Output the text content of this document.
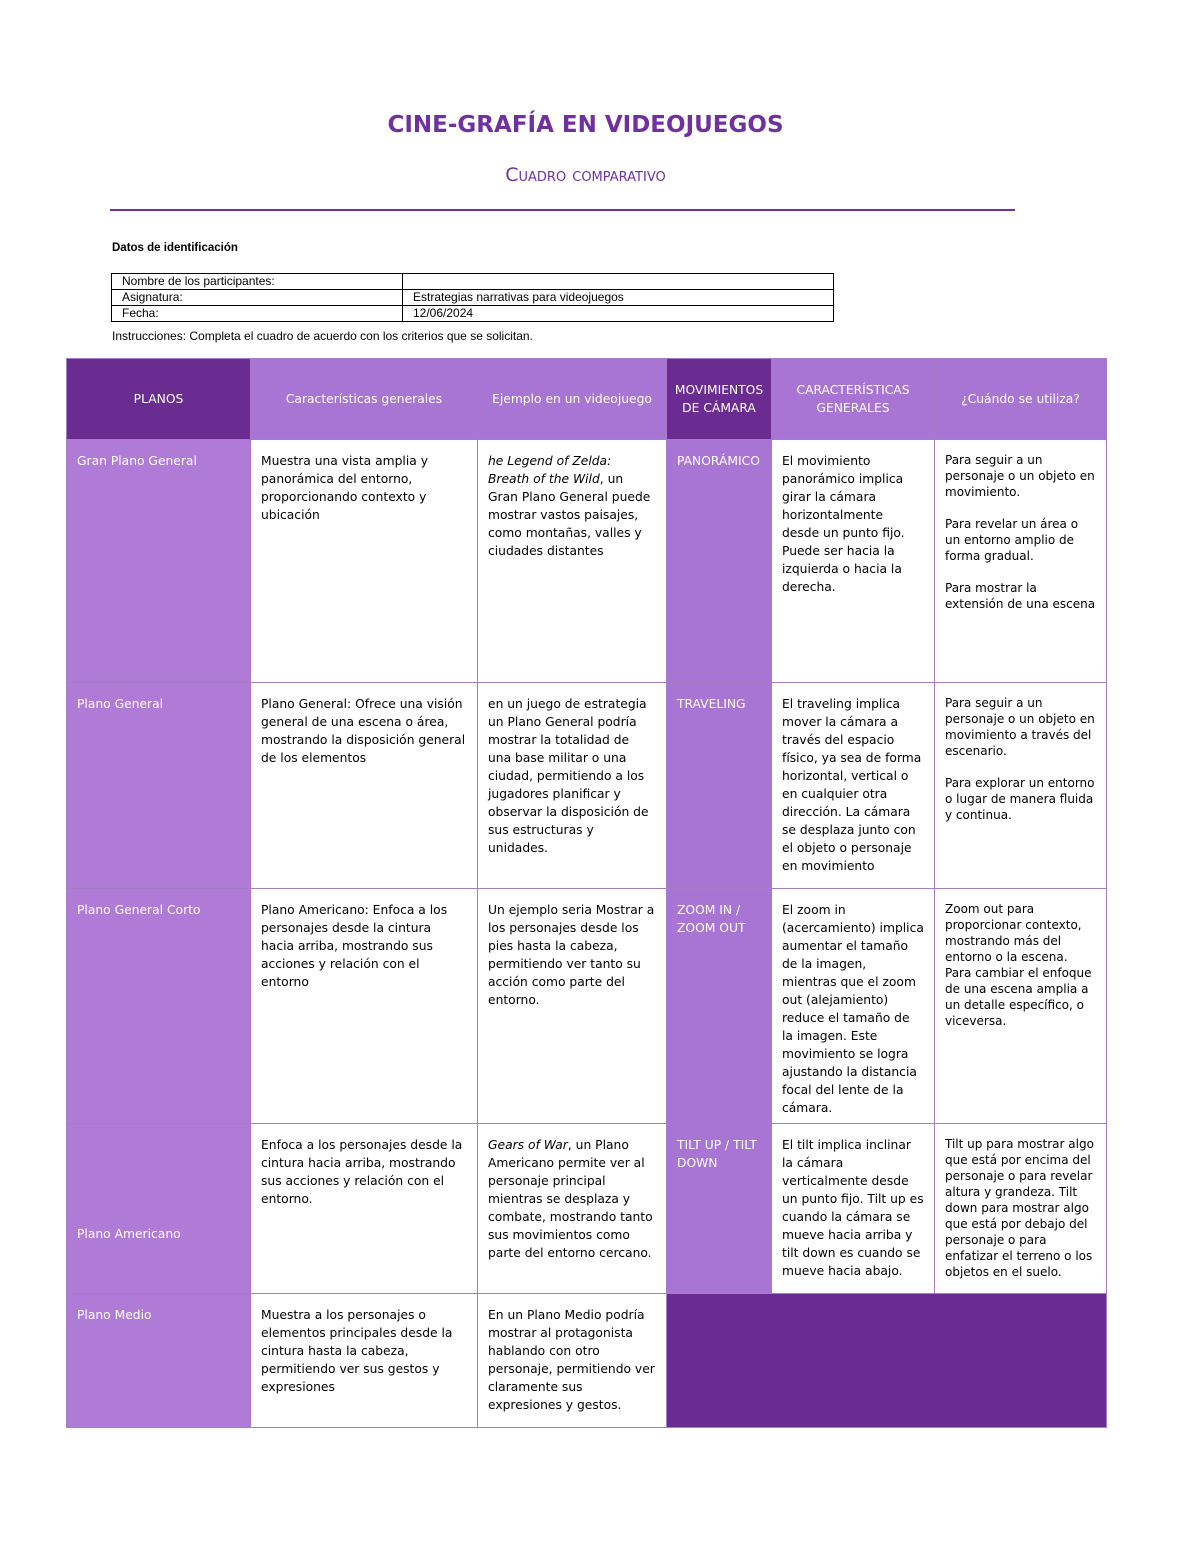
CINE-GRAFÍA EN VIDEOJUEGOS
Cuadro comparativo
Datos de identificación
Nombre de los participantes:	
Asignatura:	Estrategias narrativas para videojuegos
Fecha:	12/06/2024
Instrucciones: Completa el cuadro de acuerdo con los criterios que se solicitan.
PLANOS	Características generales	Ejemplo en un videojuego	MOVIMIENTOS DE CÁMARA	CARACTERÍSTICAS GENERALES	¿Cuándo se utiliza?
Gran Plano General	Muestra una vista amplia y panorámica del entorno, proporcionando contexto y ubicación	he Legend of Zelda: Breath of the Wild, un Gran Plano General puede mostrar vastos paisajes, como montañas, valles y ciudades distantes	PANORÁMICO	El movimiento panorámico implica girar la cámara horizontalmente desde un punto fijo. Puede ser hacia la izquierda o hacia la derecha.	Para seguir a un personaje o un objeto en movimiento.

Para revelar un área o un entorno amplio de forma gradual.

Para mostrar la extensión de una escena

Plano General	Plano General: Ofrece una visión general de una escena o área, mostrando la disposición general de los elementos	en un juego de estrategia un Plano General podría mostrar la totalidad de una base militar o una ciudad, permitiendo a los jugadores planificar y observar la disposición de sus estructuras y unidades.	TRAVELING	El traveling implica mover la cámara a través del espacio físico, ya sea de forma horizontal, vertical o en cualquier otra dirección. La cámara se desplaza junto con el objeto o personaje en movimiento	Para seguir a un personaje o un objeto en movimiento a través del escenario.

Para explorar un entorno o lugar de manera fluida y continua.

Plano General Corto	Plano Americano: Enfoca a los personajes desde la cintura hacia arriba, mostrando sus acciones y relación con el entorno	Un ejemplo seria Mostrar a los personajes desde los pies hasta la cabeza, permitiendo ver tanto su acción como parte del entorno.	ZOOM IN / ZOOM OUT	El zoom in (acercamiento) implica aumentar el tamaño de la imagen, mientras que el zoom out (alejamiento) reduce el tamaño de la imagen. Este movimiento se logra ajustando la distancia focal del lente de la cámara.	Zoom out para proporcionar contexto, mostrando más del entorno o la escena. Para cambiar el enfoque de una escena amplia a un detalle específico, o viceversa.

Plano Americano	Enfoca a los personajes desde la cintura hacia arriba, mostrando sus acciones y relación con el entorno.	Gears of War, un Plano Americano permite ver al personaje principal mientras se desplaza y combate, mostrando tanto sus movimientos como parte del entorno cercano.	TILT UP / TILT DOWN	El tilt implica inclinar la cámara verticalmente desde un punto fijo. Tilt up es cuando la cámara se mueve hacia arriba y tilt down es cuando se mueve hacia abajo.	Tilt up para mostrar algo que está por encima del personaje o para revelar altura y grandeza. Tilt down para mostrar algo que está por debajo del personaje o para enfatizar el terreno o los objetos en el suelo.

Plano Medio	Muestra a los personajes o elementos principales desde la cintura hasta la cabeza, permitiendo ver sus gestos y expresiones	En un Plano Medio podría mostrar al protagonista hablando con otro personaje, permitiendo ver claramente sus expresiones y gestos.			
